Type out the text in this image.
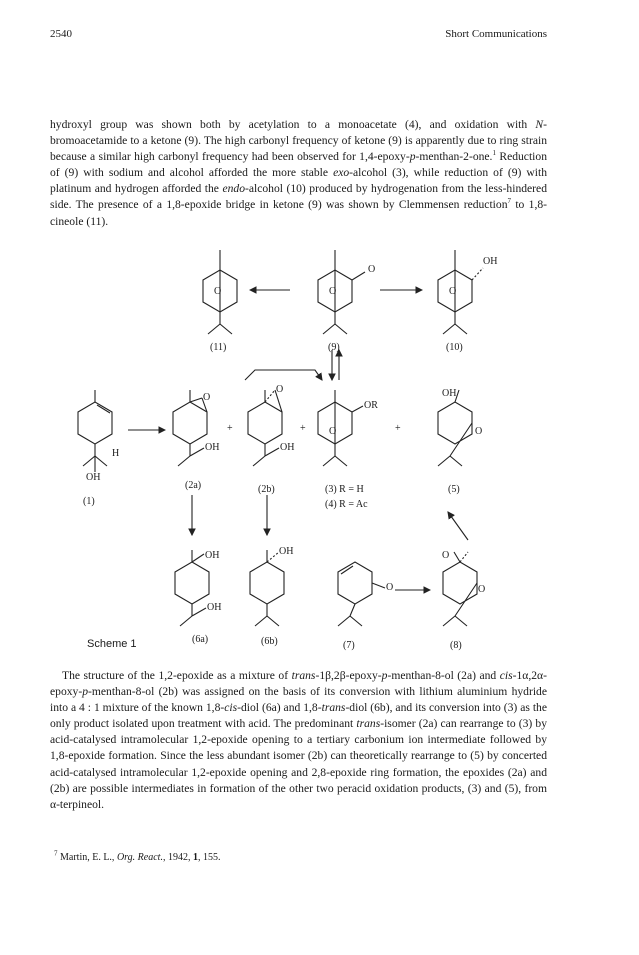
2540	Short Communications

hydroxyl group was shown both by acetylation to a monoacetate (4), and oxidation with N-bromoacetamide to a ketone (9). The high carbonyl frequency of ketone (9) is apparently due to ring strain because a similar high carbonyl frequency had been observed for 1,4-epoxy-p-menthan-2-one.$^1$ Reduction of (9) with sodium and alcohol afforded the more stable exo-alcohol (3), while reduction of (9) with platinum and hydrogen afforded the endo-alcohol (10) produced by hydrogenation from the less-hindered side. The presence of a 1,8-epoxide bridge in ketone (9) was shown by Clemmensen reduction$^7$ to 1,8-cineole (11).

O	O
O
O
OH
H
OH
O
OH
+
O
OH
+ O
OR
+
OH
O
OH
OH
OH
O
O
O
(11)	(9)	(10)
(1)
(2a)	(2b)	(3) R = H
(4) R = Ac
(5)
(6a)	(6b)	(7)	(8)
Scheme 1

The structure of the 1,2-epoxide as a mixture of trans-1β,2β-epoxy-p-menthan-8-ol (2a) and cis-1α,2α-epoxy-p-menthan-8-ol (2b) was assigned on the basis of its conversion with lithium aluminium hydride into a 4 : 1 mixture of the known 1,8-cis-diol (6a) and 1,8-trans-diol (6b), and its conversion into (3) as the only product isolated upon treatment with acid. The predominant trans-isomer (2a) can rearrange to (3) by acid-catalysed intramolecular 1,2-epoxide opening to a tertiary carbonium ion intermediate followed by 1,8-epoxide formation. Since the less abundant isomer (2b) can theoretically rearrange to (5) by concerted acid-catalysed intramolecular 1,2-epoxide opening and 2,8-epoxide ring formation, the epoxides (2a) and (2b) are possible intermediates in formation of the other two peracid oxidation products, (3) and (5), from α-terpineol.

$^7$ Martin, E. L., Org. React., 1942, 1, 155.
